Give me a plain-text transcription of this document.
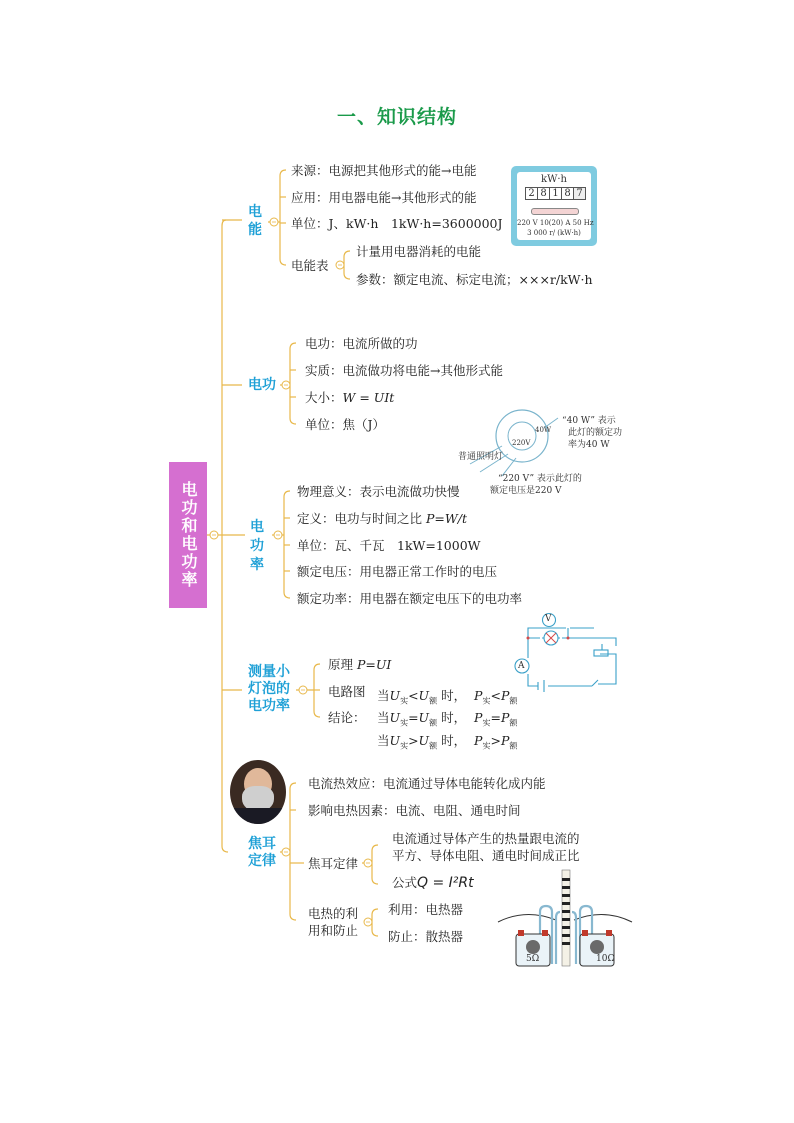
一、知识结构
电功和电功率
电能
来源：电源把其他形式的能→电能
应用：用电器电能→其他形式的能
单位：J、kW·h　1kW·h=3600000J
电能表
计量用电器消耗的电能
参数：额定电流、标定电流；×××r/kW·h
kW·h
2 8 1 8 7
220 V 10(20) A 50 Hz
3 000 r/ (kW·h)
电功
电功：电流所做的功
实质：电流做功将电能→其他形式能
大小：W = UIt
单位：焦（J）
220V
40W
“40 W” 表示
此灯的额定功
率为40 W
普通照明灯
“220 V” 表示此灯的
额定电压是220 V
电功率
物理意义：表示电流做功快慢
定义：电功与时间之比 P=W/t
单位：瓦、千瓦　1kW=1000W
额定电压：用电器正常工作时的电压
额定功率：用电器在额定电压下的电功率
测量小
灯泡的
电功率
原理 P=UI
电路图
结论：
当$U_实<U_额$ 时， $P_实<P_额$
当$U_实=U_额$ 时， $P_实=P_额$
当$U_实>U_额$ 时， $P_实>P_额$
V
A
焦耳
定律
电流热效应：电流通过导体电能转化成内能
影响电热因素：电流、电阻、通电时间
焦耳定律
电热的利
用和防止
电流通过导体产生的热量跟电流的
平方、导体电阻、通电时间成正比
公式Q = I²Rt
利用：电热器
防止：散热器
5Ω	10Ω
